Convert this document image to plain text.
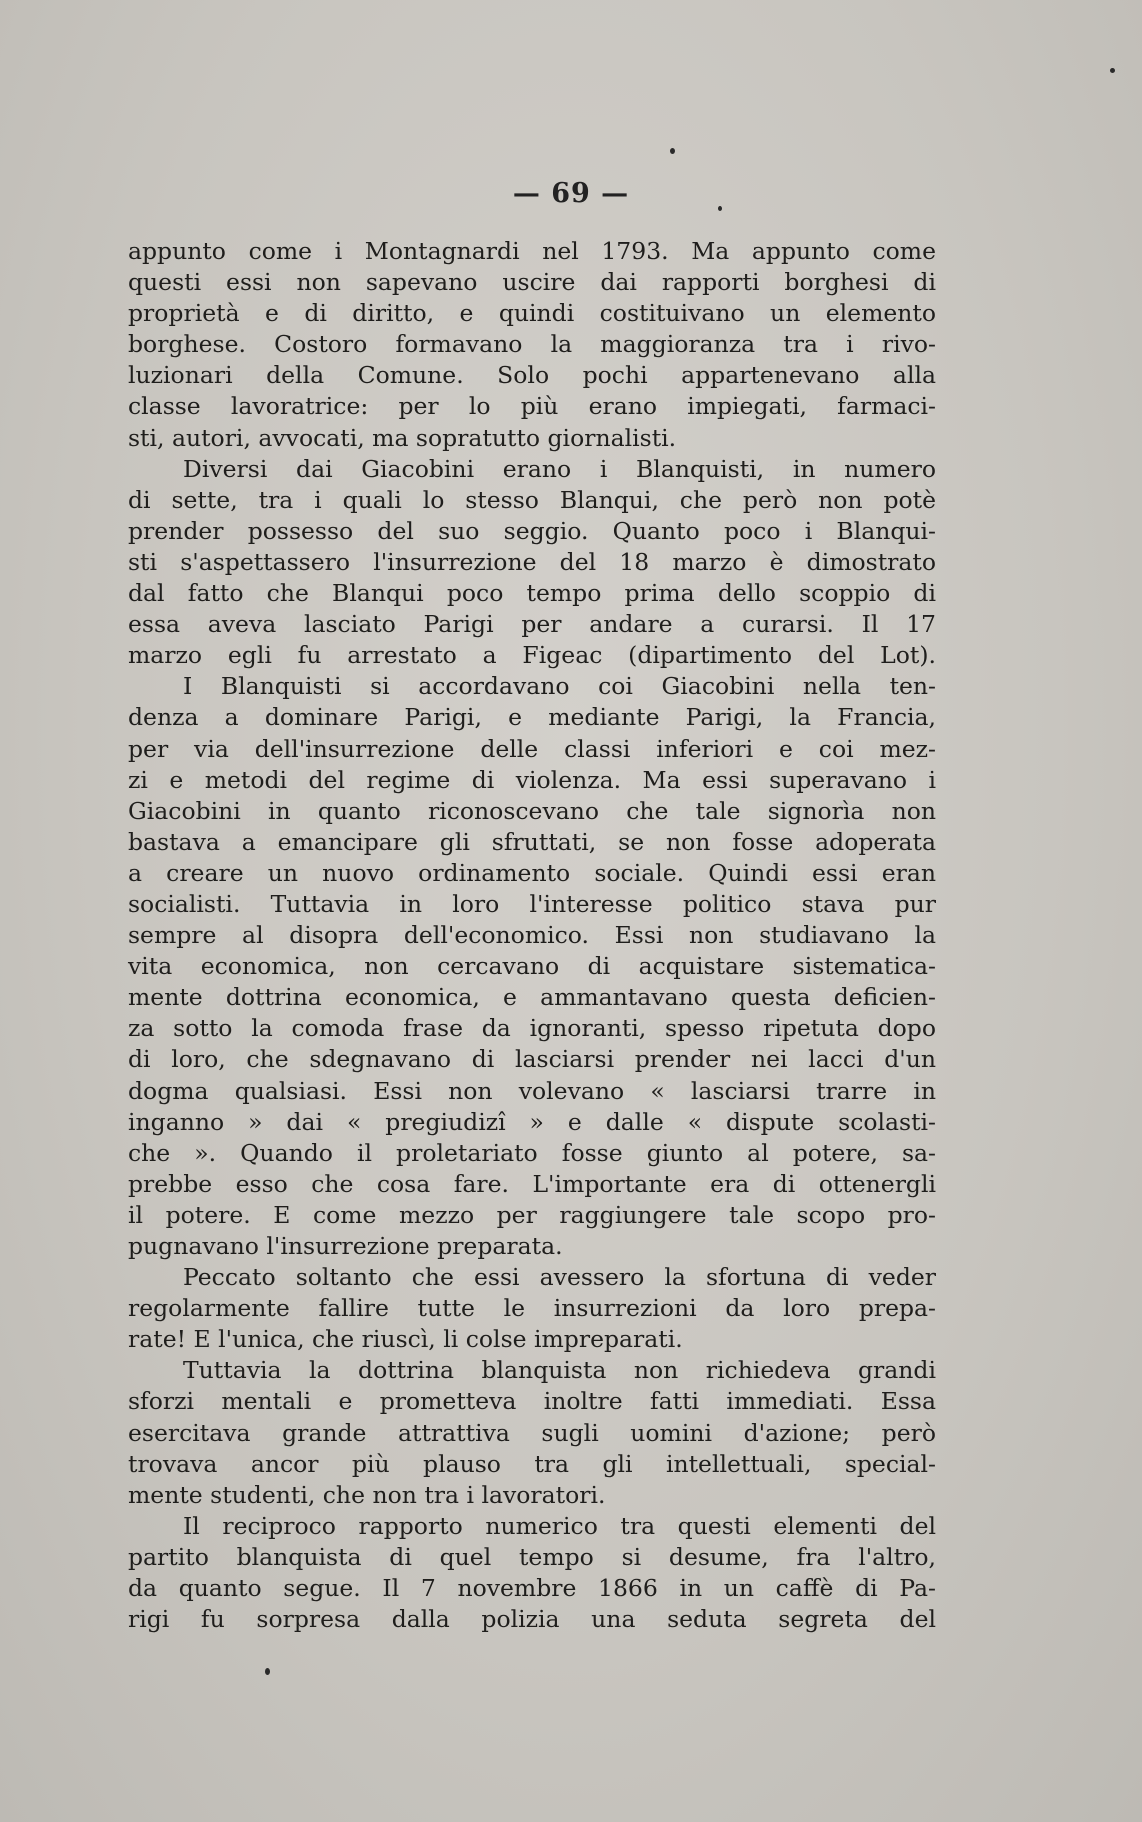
— 69 —
appunto come i Montagnardi nel 1793. Ma appunto come
questi essi non sapevano uscire dai rapporti borghesi di
proprietà e di diritto, e quindi costituivano un elemento
borghese. Costoro formavano la maggioranza tra i rivo-
luzionari della Comune. Solo pochi appartenevano alla
classe lavoratrice: per lo più erano impiegati, farmaci-
sti, autori, avvocati, ma sopratutto giornalisti.
Diversi dai Giacobini erano i Blanquisti, in numero
di sette, tra i quali lo stesso Blanqui, che però non potè
prender possesso del suo seggio. Quanto poco i Blanqui-
sti s'aspettassero l'insurrezione del 18 marzo è dimostrato
dal fatto che Blanqui poco tempo prima dello scoppio di
essa aveva lasciato Parigi per andare a curarsi. Il 17
marzo egli fu arrestato a Figeac (dipartimento del Lot).
I Blanquisti si accordavano coi Giacobini nella ten-
denza a dominare Parigi, e mediante Parigi, la Francia,
per via dell'insurrezione delle classi inferiori e coi mez-
zi e metodi del regime di violenza. Ma essi superavano i
Giacobini in quanto riconoscevano che tale signorìa non
bastava a emancipare gli sfruttati, se non fosse adoperata
a creare un nuovo ordinamento sociale. Quindi essi eran
socialisti. Tuttavia in loro l'interesse politico stava pur
sempre al disopra dell'economico. Essi non studiavano la
vita economica, non cercavano di acquistare sistematica-
mente dottrina economica, e ammantavano questa deficien-
za sotto la comoda frase da ignoranti, spesso ripetuta dopo
di loro, che sdegnavano di lasciarsi prender nei lacci d'un
dogma qualsiasi. Essi non volevano « lasciarsi trarre in
inganno » dai « pregiudizî » e dalle « dispute scolasti-
che ». Quando il proletariato fosse giunto al potere, sa-
prebbe esso che cosa fare. L'importante era di ottenergli
il potere. E come mezzo per raggiungere tale scopo pro-
pugnavano l'insurrezione preparata.
Peccato soltanto che essi avessero la sfortuna di veder
regolarmente fallire tutte le insurrezioni da loro prepa-
rate! E l'unica, che riuscì, li colse impreparati.
Tuttavia la dottrina blanquista non richiedeva grandi
sforzi mentali e prometteva inoltre fatti immediati. Essa
esercitava grande attrattiva sugli uomini d'azione; però
trovava ancor più plauso tra gli intellettuali, special-
mente studenti, che non tra i lavoratori.
Il reciproco rapporto numerico tra questi elementi del
partito blanquista di quel tempo si desume, fra l'altro,
da quanto segue. Il 7 novembre 1866 in un caffè di Pa-
rigi fu sorpresa dalla polizia una seduta segreta del
